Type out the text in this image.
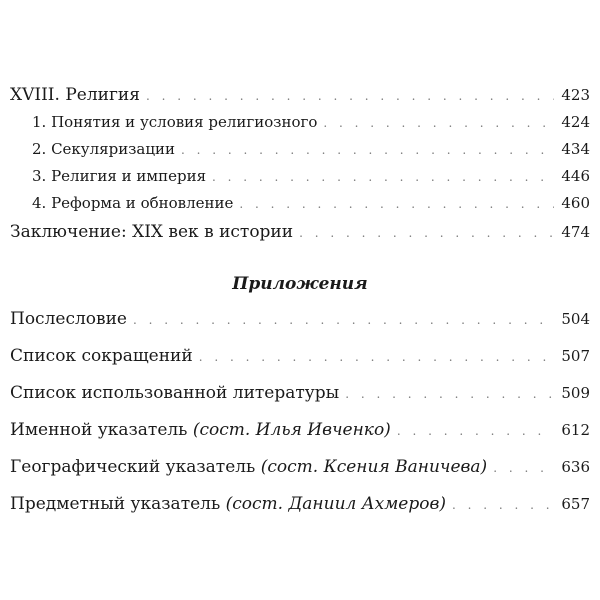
XVIII. Религия . . .	423
1. Понятия и условия религиозного . . .	424
2. Секуляризации . . .	434
3. Религия и империя . . .	446
4. Реформа и обновление . . .	460
Заключение: XIX век в истории . . .	474
Приложения
Послесловие . . .	504
Список сокращений . . .	507
Список использованной литературы . . .	509
Именной указатель (сост. Илья Ивченко) . . .	612
Географический указатель (сост. Ксения Ваничева) . . .	636
Предметный указатель (сост. Даниил Ахмеров) . . .	657
